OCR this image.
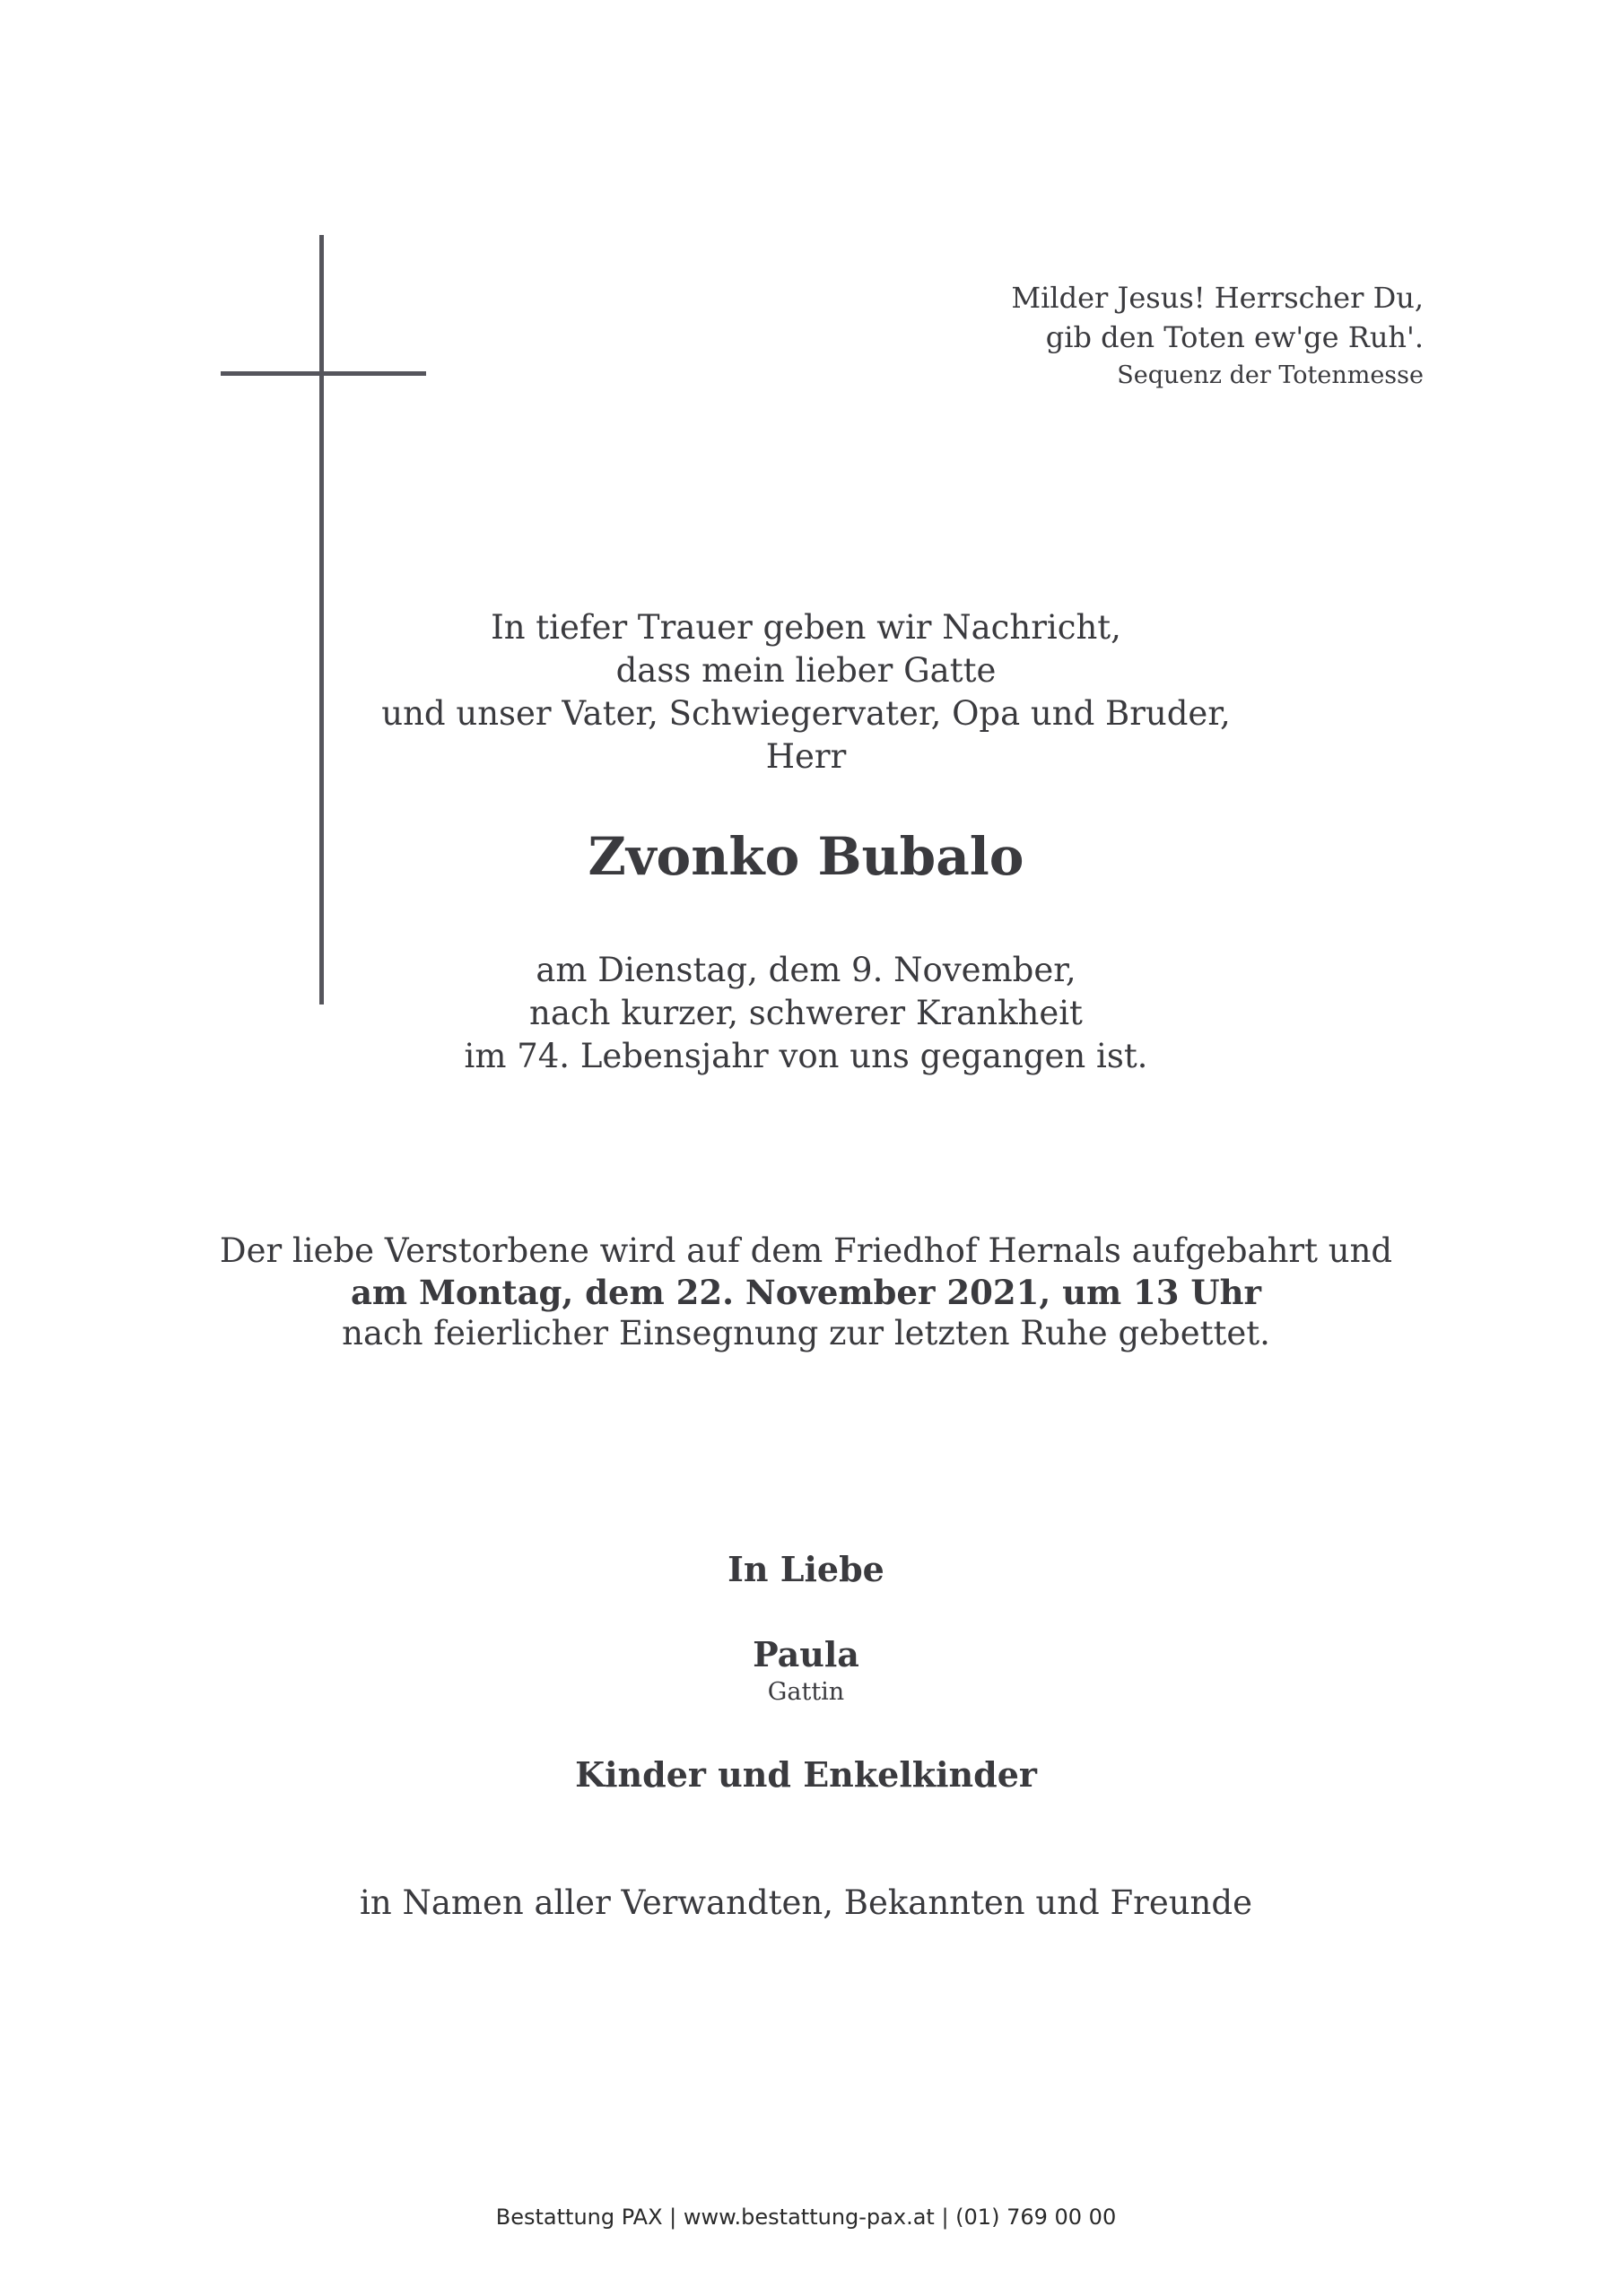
Milder Jesus! Herrscher Du,
gib den Toten ew'ge Ruh'.
Sequenz der Totenmesse
In tiefer Trauer geben wir Nachricht,
dass mein lieber Gatte
und unser Vater, Schwiegervater, Opa und Bruder,
Herr
Zvonko Bubalo
am Dienstag, dem 9. November,
nach kurzer, schwerer Krankheit
im 74. Lebensjahr von uns gegangen ist.
Der liebe Verstorbene wird auf dem Friedhof Hernals aufgebahrt und
am Montag, dem 22. November 2021, um 13 Uhr
nach feierlicher Einsegnung zur letzten Ruhe gebettet.
In Liebe
Paula
Gattin
Kinder und Enkelkinder
in Namen aller Verwandten, Bekannten und Freunde
Bestattung PAX | www.bestattung-pax.at | (01) 769 00 00
